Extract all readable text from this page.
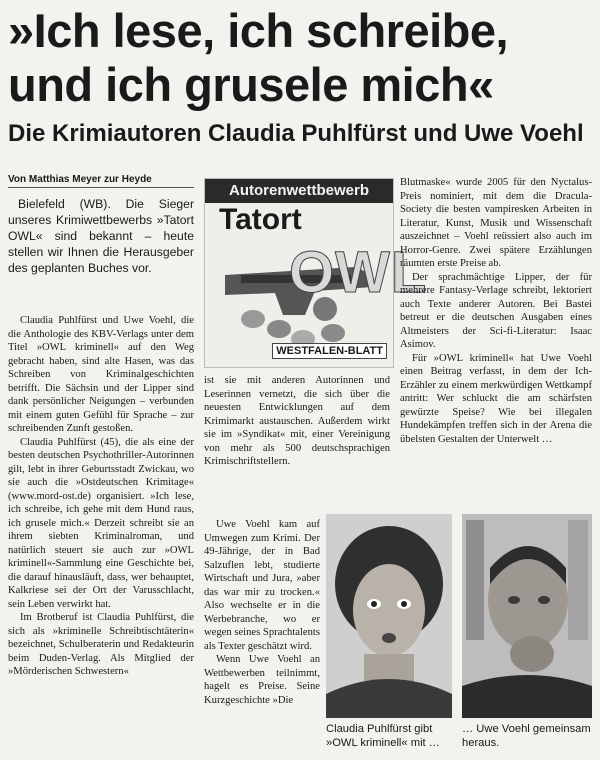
»Ich lese, ich schreibe,
und ich grusele mich«
Die Krimiautoren Claudia Puhlfürst und Uwe Voehl
Von Matthias Meyer zur Heyde

Bielefeld (WB). Die Sieger unseres Krimiwettbewerbs »Tatort OWL« sind bekannt – heute stellen wir Ihnen die Herausgeber des geplanten Buches vor.

Claudia Puhlfürst und Uwe Voehl, die die Anthologie des KBV-Verlags unter dem Titel »OWL kriminell« auf den Weg gebracht haben, sind alte Hasen, was das Schreiben von Kriminalgeschichten betrifft. Die Sächsin und der Lipper sind dank persönlicher Neigungen – verbunden mit einem guten Gefühl für Sprache – zur schreibenden Zunft gestoßen.

Claudia Puhlfürst (45), die als eine der besten deutschen Psychothriller-Autorinnen gilt, lebt in ihrer Geburtsstadt Zwickau, wo sie auch die »Ostdeutschen Krimitage« (www.mord-ost.de) organisiert. »Ich lese, ich schreibe, ich gehe mit dem Hund raus, ich grusele mich.« Derzeit schreibt sie an ihrem siebten Kriminalroman, und natürlich steuert sie auch zur »OWL kriminell«-Sammlung eine Geschichte bei, die darauf hinausläuft, dass, wer behauptet, Kalkriese sei der Ort der Varusschlacht, sein Leben verwirkt hat.

Im Brotberuf ist Claudia Puhlfürst, die sich als »kriminelle Schreibtischtäterin« bezeichnet, Schulberaterin und Redakteurin beim Duden-Verlag. Als Mitglied der »Mörderischen Schwestern«

Autorenwettbewerb
Tatort
OWL
WESTFALEN-BLATT

ist sie mit anderen Autorinnen und Leserinnen vernetzt, die sich über die neuesten Entwicklungen auf dem Krimimarkt austauschen. Außerdem wirkt sie im »Syndikat« mit, einer Vereinigung von mehr als 500 deutschsprachigen Krimischriftstellern.

Uwe Voehl kam auf Umwegen zum Krimi. Der 49-Jährige, der in Bad Salzuflen lebt, studierte Wirtschaft und Jura, »aber das war mir zu trocken.« Also wechselte er in die Werbebranche, wo er wegen seines Sprachtalents als Texter geschätzt wird.

Wenn Uwe Voehl an Wettbewerben teilnimmt, hagelt es Preise. Seine Kurzgeschichte »Die

Blutmaske« wurde 2005 für den Nyctalus-Preis nominiert, mit dem die Dracula-Society die besten vampiresken Arbeiten in Literatur, Kunst, Musik und Wissenschaft auszeichnet – Voehl reüssiert also auch im Horror-Genre. Zwei spätere Erzählungen räumten erste Preise ab.

Der sprachmächtige Lipper, der für mehrere Fantasy-Verlage schreibt, lektoriert auch Texte anderer Autoren. Bei Bastei betreut er die deutschen Ausgaben eines Altmeisters der Sci-fi-Literatur: Isaac Asimov.

Für »OWL kriminell« hat Uwe Voehl einen Beitrag verfasst, in dem der Ich-Erzähler zu einem merkwürdigen Wettkampf antritt: Wer schluckt die am schärfsten gewürzte Speise? Wie bei illegalen Hundekämpfen treffen sich in der Arena die übelsten Gestalten der Unterwelt …

Claudia Puhlfürst gibt »OWL kriminell« mit …
… Uwe Voehl gemeinsam heraus.
